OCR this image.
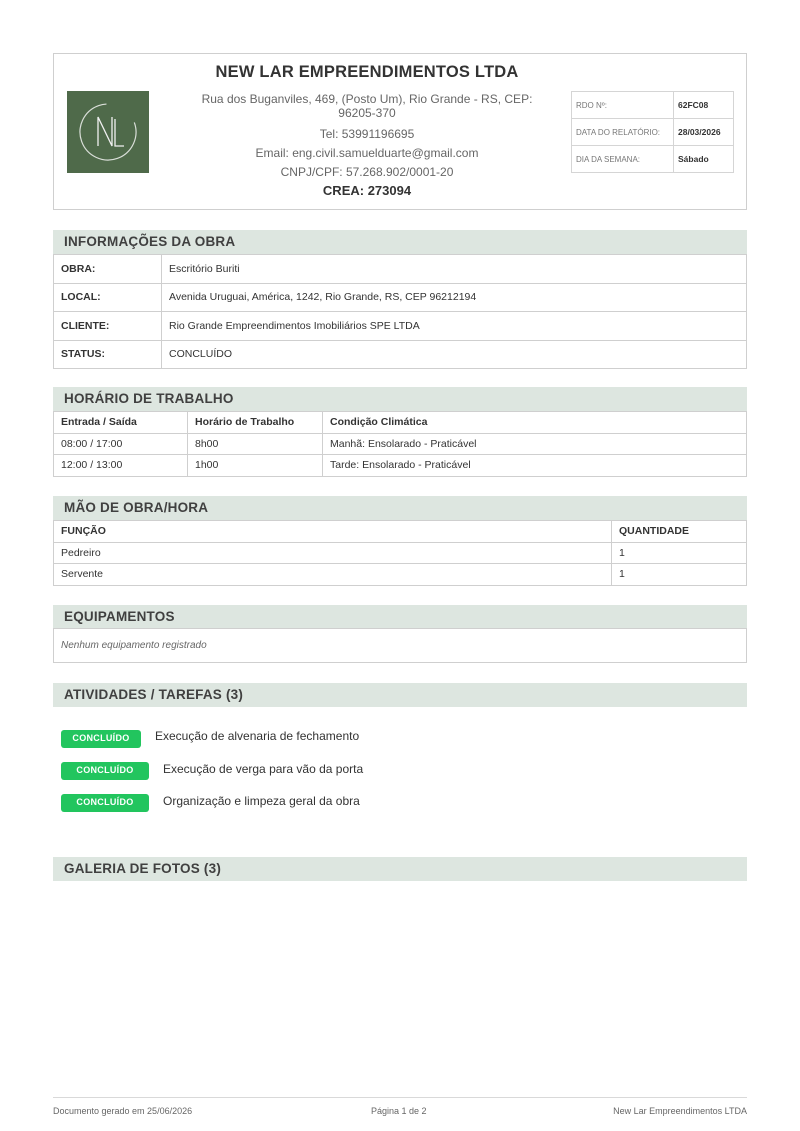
NEW LAR EMPREENDIMENTOS LTDA
Rua dos Buganviles, 469, (Posto Um), Rio Grande - RS, CEP: 96205-370
Tel: 53991196695
Email: eng.civil.samuelduarte@gmail.com
CNPJ/CPF: 57.268.902/0001-20
CREA: 273094
RDO Nº:	62FC08
DATA DO RELATÓRIO:	28/03/2026
DIA DA SEMANA:	Sábado
INFORMAÇÕES DA OBRA
OBRA:	Escritório Buriti
LOCAL:	Avenida Uruguai, América, 1242, Rio Grande, RS, CEP 96212194
CLIENTE:	Rio Grande Empreendimentos Imobiliários SPE LTDA
STATUS:	CONCLUÍDO
HORÁRIO DE TRABALHO
Entrada / Saída	Horário de Trabalho	Condição Climática
08:00 / 17:00	8h00	Manhã: Ensolarado - Praticável
12:00 / 13:00	1h00	Tarde: Ensolarado - Praticável
MÃO DE OBRA/HORA
FUNÇÃO	QUANTIDADE
Pedreiro	1
Servente	1
EQUIPAMENTOS
Nenhum equipamento registrado
ATIVIDADES / TAREFAS (3)
CONCLUÍDO	Execução de alvenaria de fechamento
CONCLUÍDO	Execução de verga para vão da porta
CONCLUÍDO	Organização e limpeza geral da obra
GALERIA DE FOTOS (3)
Documento gerado em 25/06/2026	Página 1 de 2	New Lar Empreendimentos LTDA
